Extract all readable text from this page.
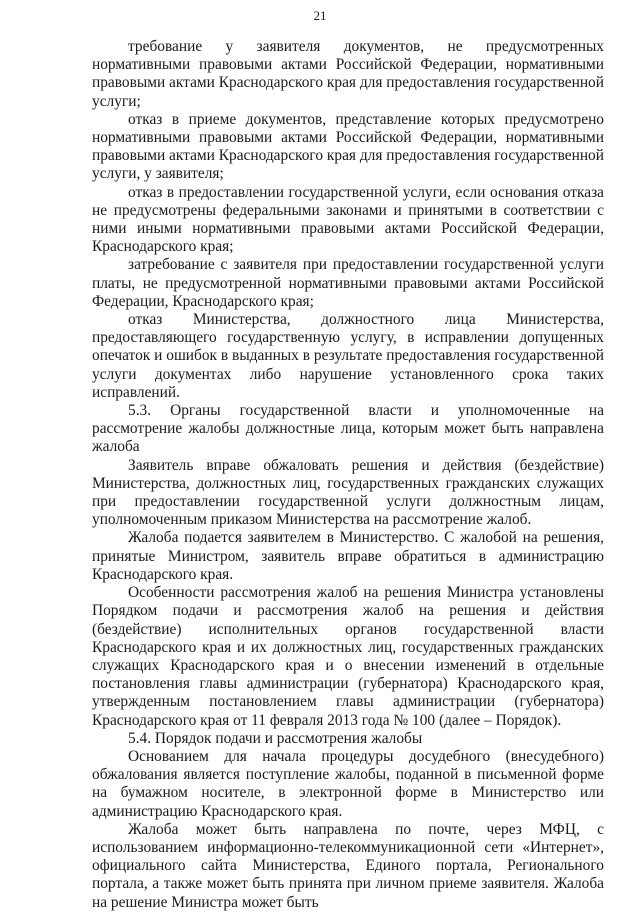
21

требование у заявителя документов, не предусмотренных нормативными правовыми актами Российской Федерации, нормативными правовыми актами Краснодарского края для предоставления государственной услуги;

отказ в приеме документов, представление которых предусмотрено нормативными правовыми актами Российской Федерации, нормативными правовыми актами Краснодарского края для предоставления государственной услуги, у заявителя;

отказ в предоставлении государственной услуги, если основания отказа не предусмотрены федеральными законами и принятыми в соответствии с ними иными нормативными правовыми актами Российской Федерации, Краснодарского края;

затребование с заявителя при предоставлении государственной услуги платы, не предусмотренной нормативными правовыми актами Российской Федерации, Краснодарского края;

отказ Министерства, должностного лица Министерства, предоставляющего государственную услугу, в исправлении допущенных опечаток и ошибок в выданных в результате предоставления государственной услуги документах либо нарушение установленного срока таких исправлений.

5.3. Органы государственной власти и уполномоченные на рассмотрение жалобы должностные лица, которым может быть направлена жалоба

Заявитель вправе обжаловать решения и действия (бездействие) Министерства, должностных лиц, государственных гражданских служащих при предоставлении государственной услуги должностным лицам, уполномоченным приказом Министерства на рассмотрение жалоб.

Жалоба подается заявителем в Министерство. С жалобой на решения, принятые Министром, заявитель вправе обратиться в администрацию Краснодарского края.

Особенности рассмотрения жалоб на решения Министра установлены Порядком подачи и рассмотрения жалоб на решения и действия (бездействие) исполнительных органов государственной власти Краснодарского края и их должностных лиц, государственных гражданских служащих Краснодарского края и о внесении изменений в отдельные постановления главы администрации (губернатора) Краснодарского края, утвержденным постановлением главы администрации (губернатора) Краснодарского края от 11 февраля 2013 года № 100 (далее – Порядок).

5.4. Порядок подачи и рассмотрения жалобы

Основанием для начала процедуры досудебного (внесудебного) обжалования является поступление жалобы, поданной в письменной форме на бумажном носителе, в электронной форме в Министерство или администрацию Краснодарского края.

Жалоба может быть направлена по почте, через МФЦ, с использованием информационно-телекоммуникационной сети «Интернет», официального сайта Министерства, Единого портала, Регионального портала, а также может быть принята при личном приеме заявителя. Жалоба на решение Министра может быть
